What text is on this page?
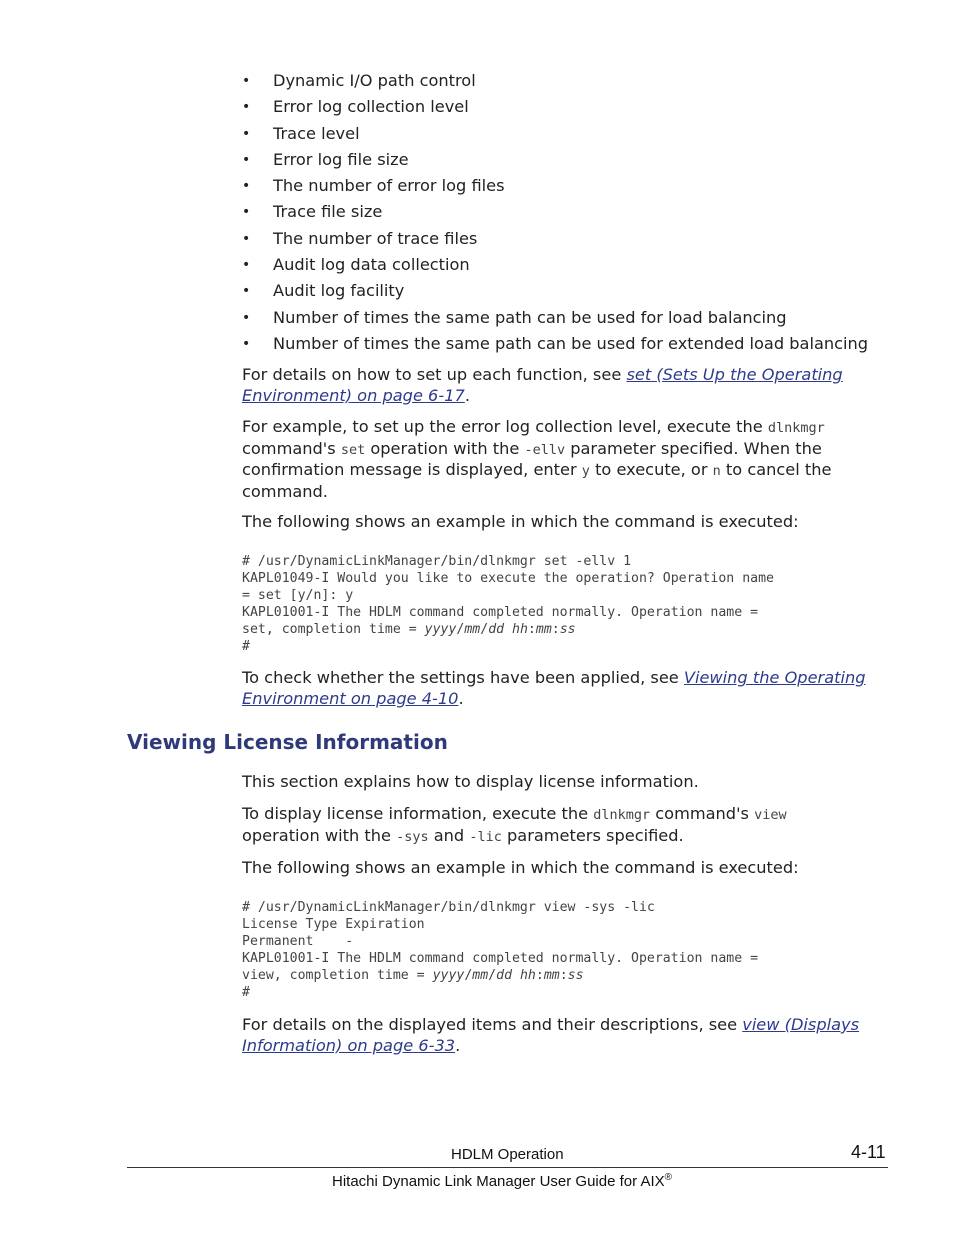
• Dynamic I/O path control
• Error log collection level
• Trace level
• Error log file size
• The number of error log files
• Trace file size
• The number of trace files
• Audit log data collection
• Audit log facility
• Number of times the same path can be used for load balancing
• Number of times the same path can be used for extended load balancing

For details on how to set up each function, see set (Sets Up the Operating Environment) on page 6-17.

For example, to set up the error log collection level, execute the dlnkmgr command's set operation with the -ellv parameter specified. When the confirmation message is displayed, enter y to execute, or n to cancel the command.

The following shows an example in which the command is executed:

# /usr/DynamicLinkManager/bin/dlnkmgr set -ellv 1
KAPL01049-I Would you like to execute the operation? Operation name
= set [y/n]: y
KAPL01001-I The HDLM command completed normally. Operation name =
set, completion time = yyyy/mm/dd hh:mm:ss
#

To check whether the settings have been applied, see Viewing the Operating Environment on page 4-10.

Viewing License Information

This section explains how to display license information.

To display license information, execute the dlnkmgr command's view
operation with the -sys and -lic parameters specified.

The following shows an example in which the command is executed:

# /usr/DynamicLinkManager/bin/dlnkmgr view -sys -lic
License Type Expiration
Permanent    -
KAPL01001-I The HDLM command completed normally. Operation name =
view, completion time = yyyy/mm/dd hh:mm:ss
#

For details on the displayed items and their descriptions, see view (Displays Information) on page 6-33.

HDLM Operation	4-11
Hitachi Dynamic Link Manager User Guide for AIX®
